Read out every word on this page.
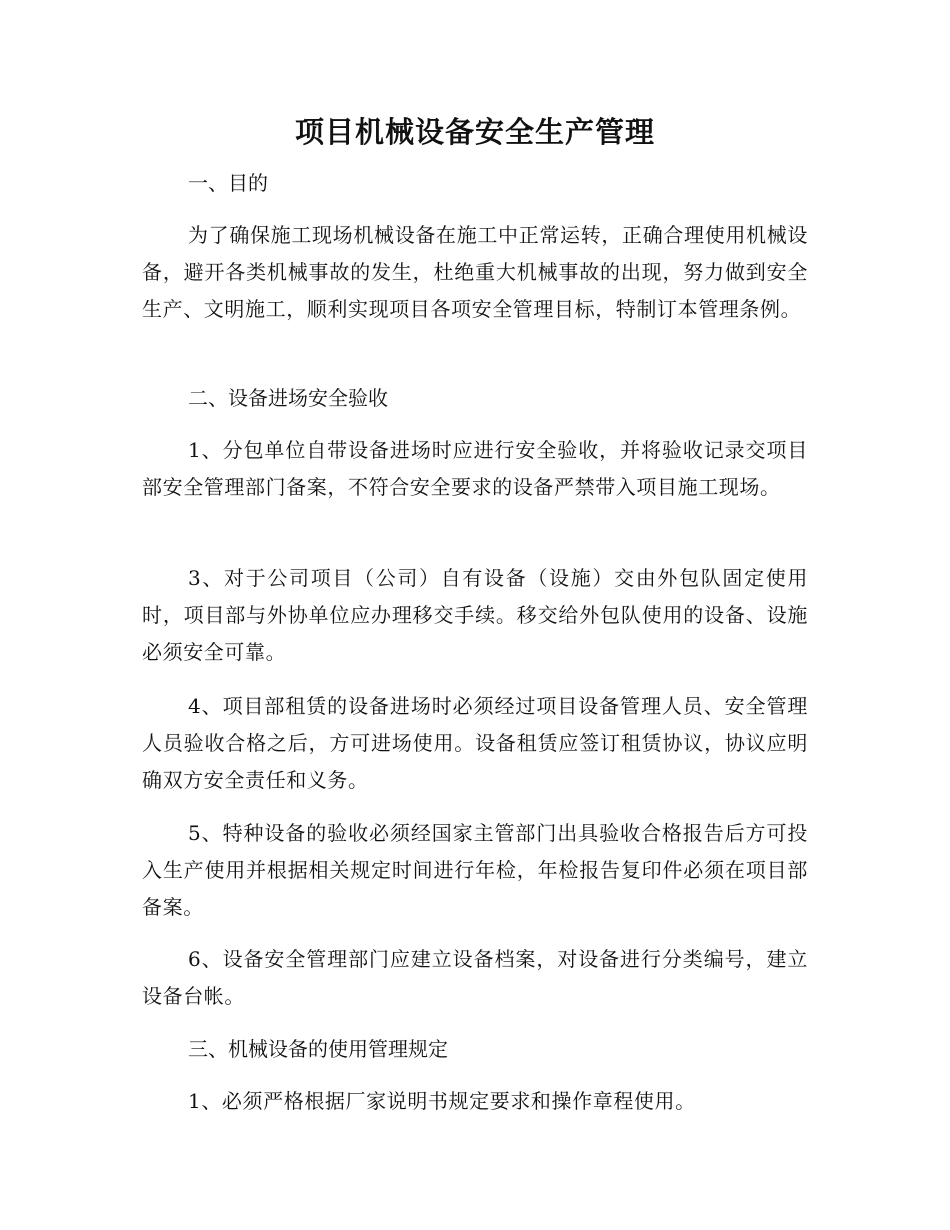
项目机械设备安全生产管理
一、目的
为了确保施工现场机械设备在施工中正常运转，正确合理使用机械设备，避开各类机械事故的发生，杜绝重大机械事故的出现，努力做到安全生产、文明施工，顺利实现项目各项安全管理目标，特制订本管理条例。
二、设备进场安全验收
1、分包单位自带设备进场时应进行安全验收，并将验收记录交项目部安全管理部门备案，不符合安全要求的设备严禁带入项目施工现场。
3、对于公司项目（公司）自有设备（设施）交由外包队固定使用时，项目部与外协单位应办理移交手续。移交给外包队使用的设备、设施必须安全可靠。
4、项目部租赁的设备进场时必须经过项目设备管理人员、安全管理人员验收合格之后，方可进场使用。设备租赁应签订租赁协议，协议应明确双方安全责任和义务。
5、特种设备的验收必须经国家主管部门出具验收合格报告后方可投入生产使用并根据相关规定时间进行年检，年检报告复印件必须在项目部备案。
6、设备安全管理部门应建立设备档案，对设备进行分类编号，建立设备台帐。
三、机械设备的使用管理规定
1、必须严格根据厂家说明书规定要求和操作章程使用。
